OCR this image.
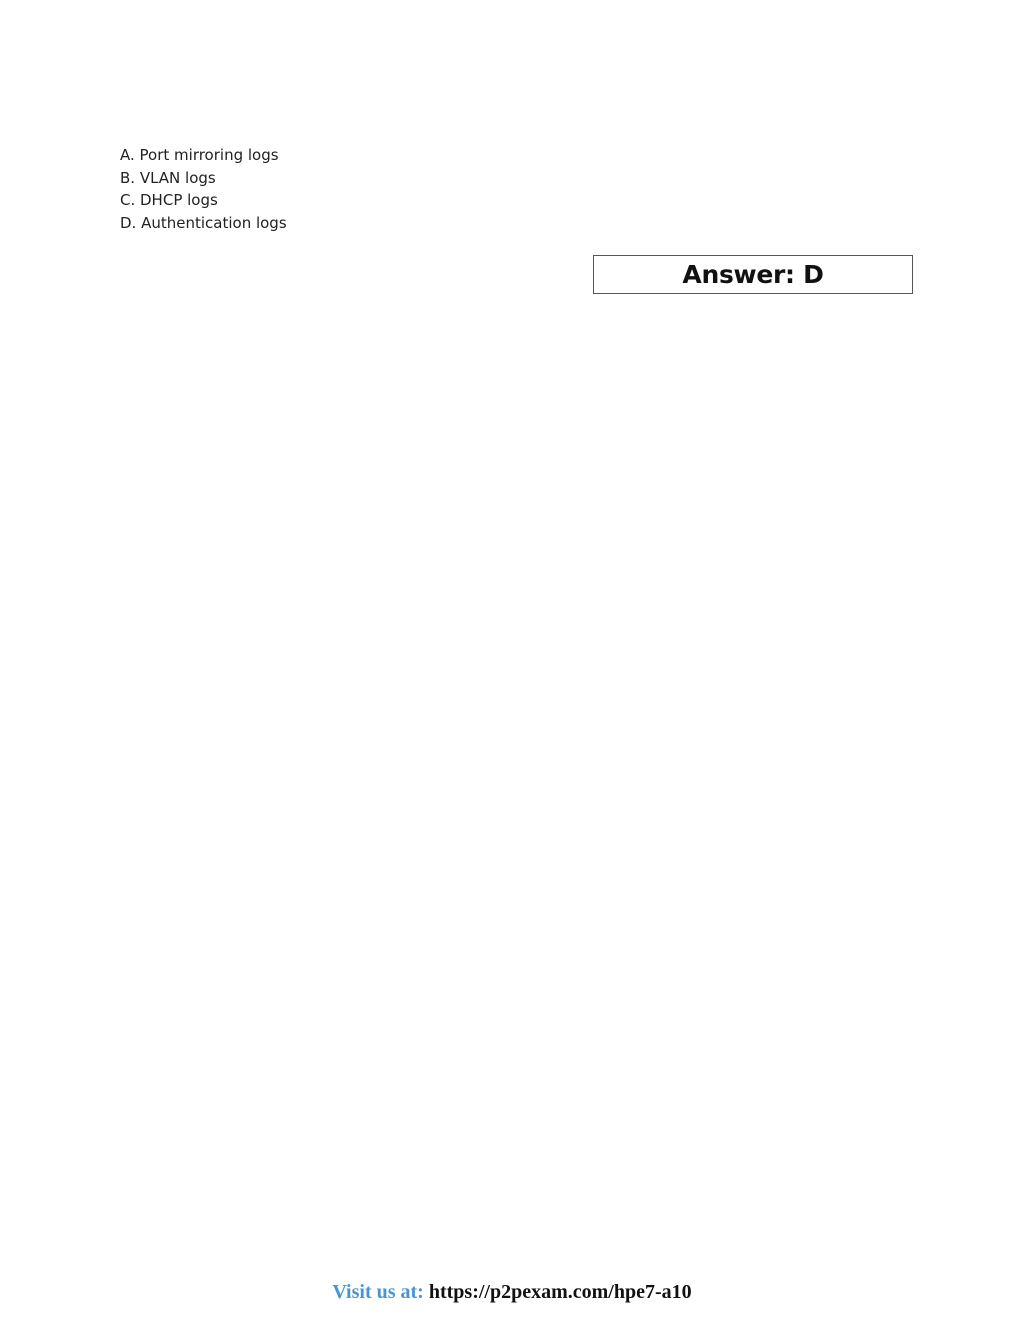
A. Port mirroring logs
B. VLAN logs
C. DHCP logs
D. Authentication logs
Answer: D
Visit us at: https://p2pexam.com/hpe7-a10
